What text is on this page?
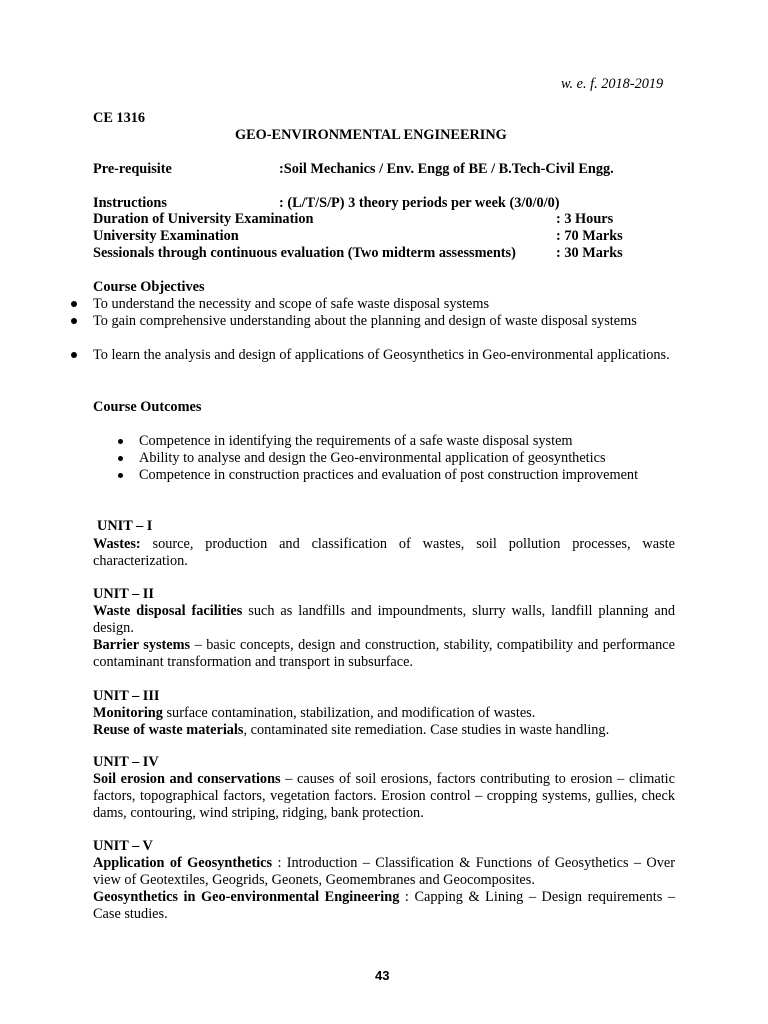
w. e. f. 2018-2019
CE 1316
GEO-ENVIRONMENTAL ENGINEERING
Pre-requisite	:Soil Mechanics / Env. Engg of BE / B.Tech-Civil Engg.
Instructions	: (L/T/S/P) 3 theory periods per week (3/0/0/0)
Duration of University Examination	: 3 Hours
University Examination	: 70 Marks
Sessionals through continuous evaluation (Two midterm assessments)	: 30 Marks
Course Objectives
To understand the necessity and scope of safe waste disposal systems
To gain comprehensive understanding about the planning and design of waste disposal systems
To learn the analysis and design of applications of Geosynthetics in Geo-environmental applications.
Course Outcomes
Competence in identifying the requirements of a safe waste disposal system
Ability to analyse and design the Geo-environmental application of geosynthetics
Competence in construction practices and evaluation of post construction improvement
UNIT – I
Wastes: source, production and classification of wastes, soil pollution processes, waste characterization.
UNIT – II
Waste disposal facilities such as landfills and impoundments, slurry walls, landfill planning and design.
Barrier systems – basic concepts, design and construction, stability, compatibility and performance contaminant transformation and transport in subsurface.
UNIT – III
Monitoring surface contamination, stabilization, and modification of wastes.
Reuse of waste materials, contaminated site remediation. Case studies in waste handling.
UNIT – IV
Soil erosion and conservations – causes of soil erosions, factors contributing to erosion – climatic factors, topographical factors, vegetation factors. Erosion control – cropping systems, gullies, check dams, contouring, wind striping, ridging, bank protection.
UNIT – V
Application of Geosynthetics : Introduction – Classification & Functions of Geosythetics – Over view of Geotextiles, Geogrids, Geonets, Geomembranes and Geocomposites.
Geosynthetics in Geo-environmental Engineering : Capping & Lining – Design requirements – Case studies.
43
